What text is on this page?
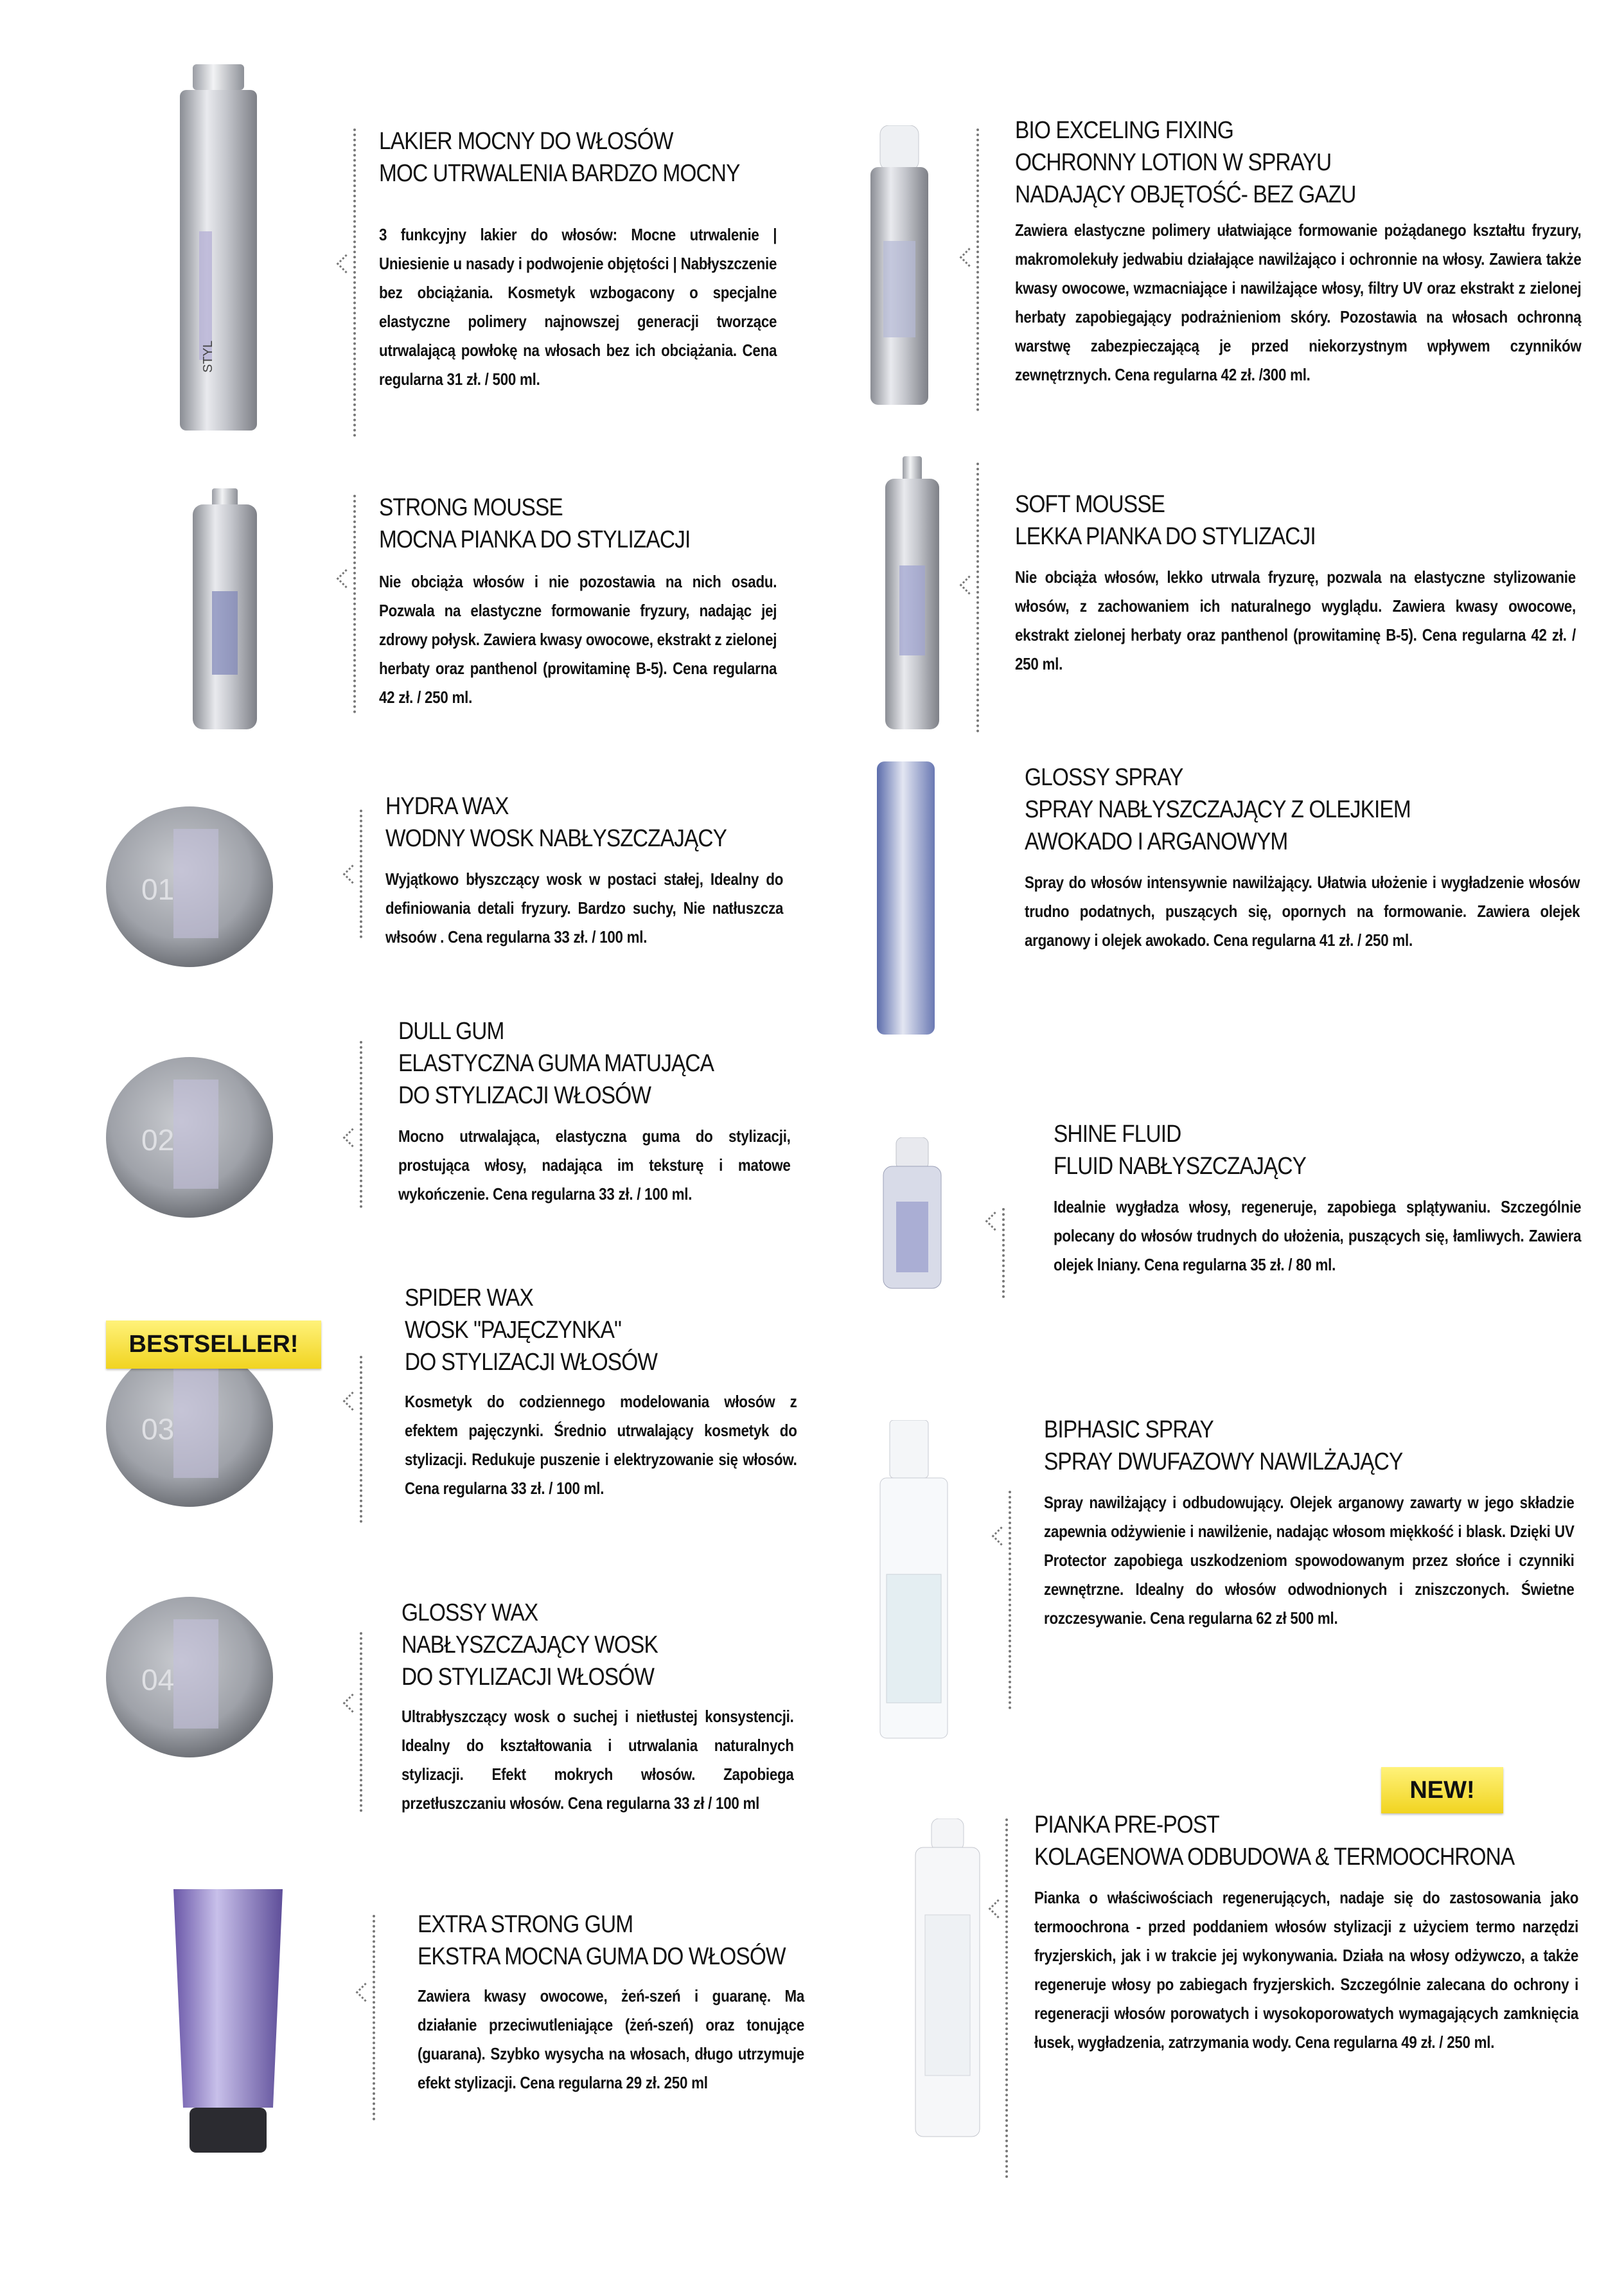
STYL
01
02
03
04
BESTSELLER!
NEW!
LAKIER MOCNY DO WŁOSÓW
MOC UTRWALENIA BARDZO MOCNY
3 funkcyjny lakier do włosów: Mocne utrwalenie | Uniesienie u nasady i podwojenie objętości | Nabłyszczenie bez obciążania. Kosmetyk wzbogacony o specjalne elastyczne polimery najnowszej generacji tworzące utrwalającą powłokę na włosach bez ich obciążania. Cena regularna 31 zł. / 500 ml.
STRONG MOUSSE
MOCNA PIANKA DO STYLIZACJI
Nie obciąża włosów i nie pozostawia na nich osadu. Pozwala na elastyczne formowanie fryzury, nadając jej zdrowy połysk. Zawiera kwasy owocowe, ekstrakt z zielonej herbaty oraz panthenol (prowitaminę B-5). Cena regularna 42 zł. / 250 ml.
HYDRA WAX
WODNY WOSK NABŁYSZCZAJĄCY
Wyjątkowo błyszczący wosk w postaci stałej, Idealny do definiowania detali fryzury. Bardzo suchy, Nie natłuszcza włsoów . Cena regularna 33 zł. / 100 ml.
DULL GUM
ELASTYCZNA GUMA MATUJĄCA
DO STYLIZACJI WŁOSÓW
Mocno utrwalająca, elastyczna guma do stylizacji, prostująca włosy, nadająca im teksturę i matowe wykończenie. Cena regularna 33 zł. / 100 ml.
SPIDER WAX
WOSK "PAJĘCZYNKA"
DO STYLIZACJI WŁOSÓW
Kosmetyk do codziennego modelowania włosów z efektem pajęczynki. Średnio utrwalający kosmetyk do stylizacji. Redukuje puszenie i elektryzowanie się włosów. Cena regularna 33 zł. / 100 ml.
GLOSSY WAX
NABŁYSZCZAJĄCY WOSK
DO STYLIZACJI WŁOSÓW
Ultrabłyszczący wosk o suchej i nietłustej konsystencji. Idealny do kształtowania i utrwalania naturalnych stylizacji. Efekt mokrych włosów. Zapobiega przetłuszczaniu włosów. Cena regularna 33 zł / 100 ml
EXTRA STRONG GUM
EKSTRA MOCNA GUMA DO WŁOSÓW
Zawiera kwasy owocowe, żeń-szeń i guaranę. Ma działanie przeciwutleniające (żeń-szeń) oraz tonujące (guarana). Szybko wysycha na włosach, długo utrzymuje efekt stylizacji. Cena regularna 29 zł. 250 ml
BIO EXCELING FIXING
OCHRONNY LOTION W SPRAYU
NADAJĄCY OBJĘTOŚĆ- BEZ GAZU
Zawiera elastyczne polimery ułatwiające formowanie pożądanego kształtu fryzury, makromolekuły jedwabiu działające nawilżająco i ochronnie na włosy. Zawiera także kwasy owocowe, wzmacniające i nawilżające włosy, filtry UV oraz ekstrakt z zielonej herbaty zapobiegający podrażnieniom skóry. Pozostawia na włosach ochronną warstwę zabezpieczającą je przed niekorzystnym wpływem czynników zewnętrznych. Cena regularna 42 zł. /300 ml.
SOFT MOUSSE
LEKKA PIANKA DO STYLIZACJI
Nie obciąża włosów, lekko utrwala fryzurę, pozwala na elastyczne stylizowanie włosów, z zachowaniem ich naturalnego wyglądu. Zawiera kwasy owocowe, ekstrakt zielonej herbaty oraz panthenol (prowitaminę B-5). Cena regularna 42 zł. / 250 ml.
GLOSSY SPRAY
SPRAY NABŁYSZCZAJĄCY Z OLEJKIEM
AWOKADO I ARGANOWYM
Spray do włosów intensywnie nawilżający. Ułatwia ułożenie i wygładzenie włosów trudno podatnych, puszących się, opornych na formowanie. Zawiera olejek arganowy i olejek awokado. Cena regularna 41 zł. / 250 ml.
SHINE FLUID
FLUID NABŁYSZCZAJĄCY
Idealnie wygładza włosy, regeneruje, zapobiega splątywaniu. Szczególnie polecany do włosów trudnych do ułożenia, puszących się, łamliwych. Zawiera olejek lniany. Cena regularna 35 zł. / 80 ml.
BIPHASIC SPRAY
SPRAY DWUFAZOWY NAWILŻAJĄCY
Spray nawilżający i odbudowujący. Olejek arganowy zawarty w jego składzie zapewnia odżywienie i nawilżenie, nadając włosom miękkość i blask. Dzięki UV Protector zapobiega uszkodzeniom spowodowanym przez słońce i czynniki zewnętrzne. Idealny do włosów odwodnionych i zniszczonych. Świetne rozczesywanie. Cena regularna 62 zł 500 ml.
PIANKA PRE-POST
KOLAGENOWA ODBUDOWA & TERMOOCHRONA
Pianka o właściwościach regenerujących, nadaje się do zastosowania jako termoochrona - przed poddaniem włosów stylizacji z użyciem termo narzędzi fryzjerskich, jak i w trakcie jej wykonywania. Działa na włosy odżywczo, a także regeneruje włosy po zabiegach fryzjerskich. Szczególnie zalecana do ochrony i regeneracji włosów porowatych i wysokoporowatych wymagających zamknięcia łusek, wygładzenia, zatrzymania wody. Cena regularna 49 zł. / 250 ml.
